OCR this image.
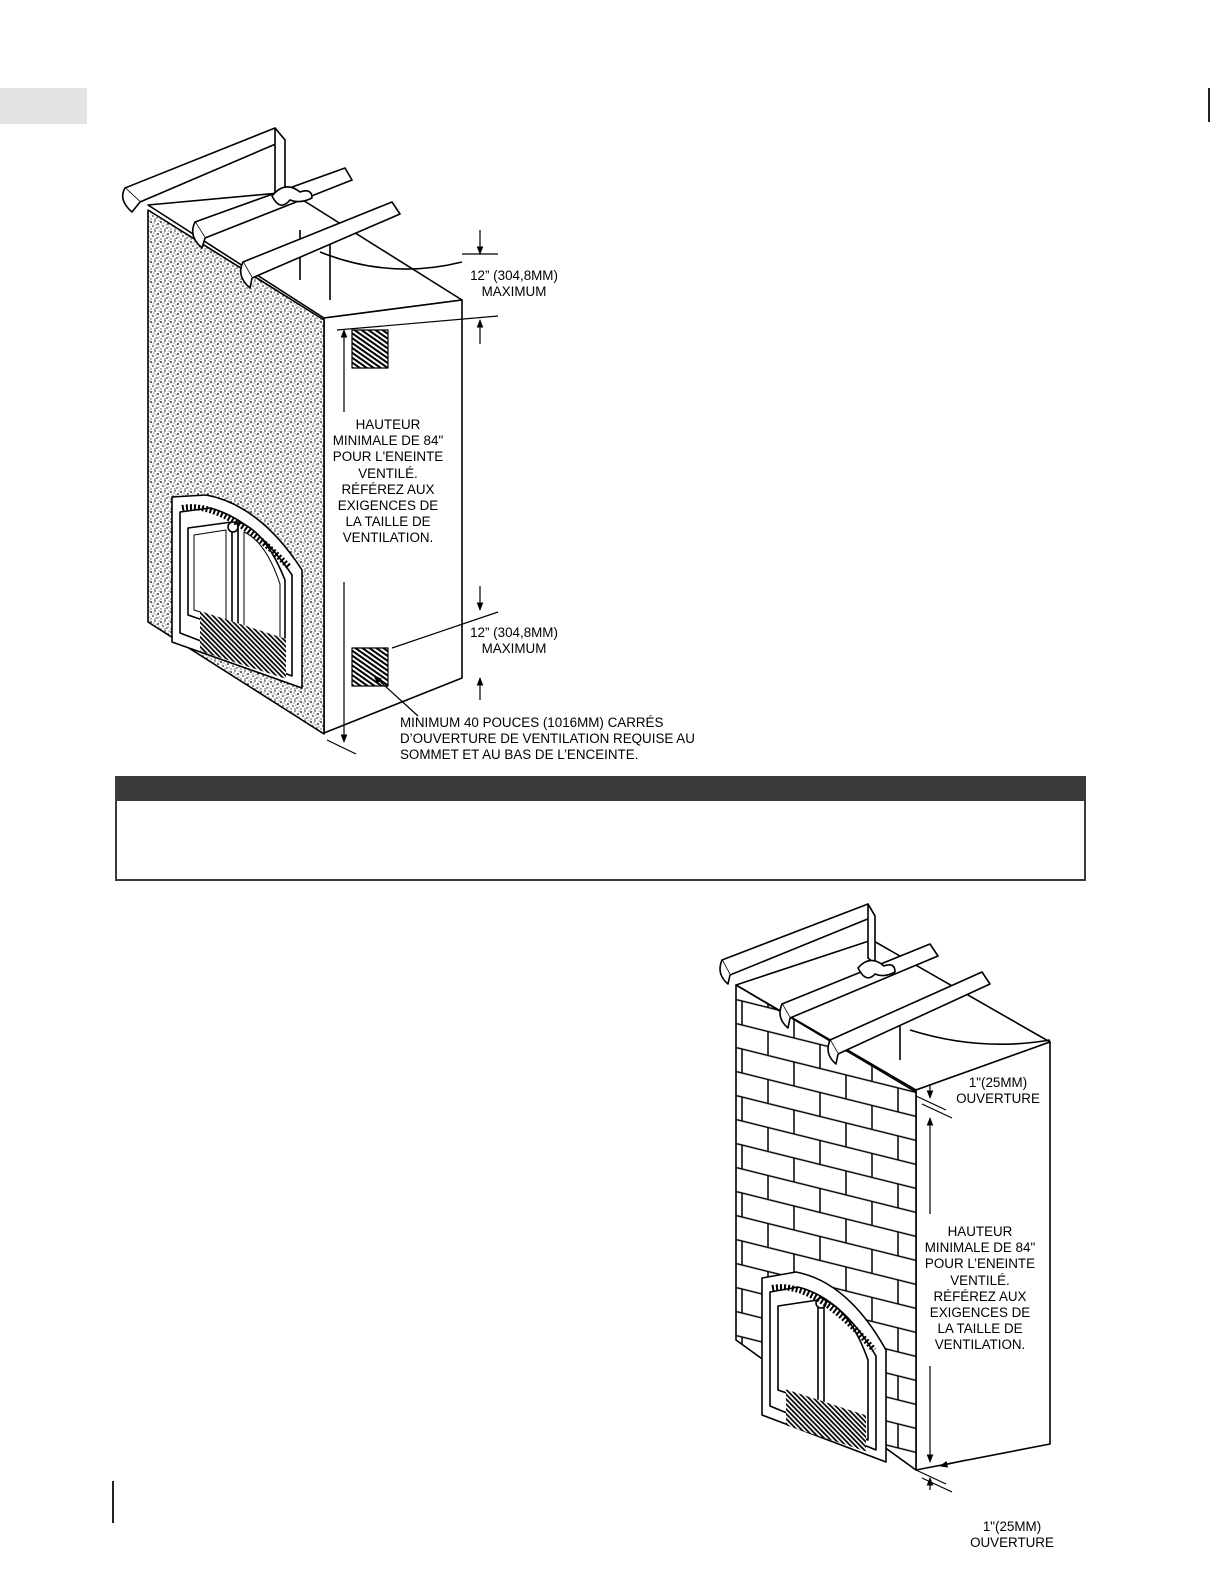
12” (304,8MM)
MAXIMUM
HAUTEUR
MINIMALE DE 84"
POUR L'ENEINTE
VENTILÉ.
RÉFÉREZ AUX
EXIGENCES DE
LA TAILLE DE
VENTILATION.
12” (304,8MM)
MAXIMUM
MINIMUM 40 POUCES (1016MM) CARRÉS
D’OUVERTURE DE VENTILATION REQUISE AU
SOMMET ET AU BAS DE L’ENCEINTE.
1"(25MM)
OUVERTURE
HAUTEUR
MINIMALE DE 84"
POUR L’ENEINTE
VENTILÉ.
RÉFÉREZ AUX
EXIGENCES DE
LA TAILLE DE
VENTILATION.
1"(25MM)
OUVERTURE
